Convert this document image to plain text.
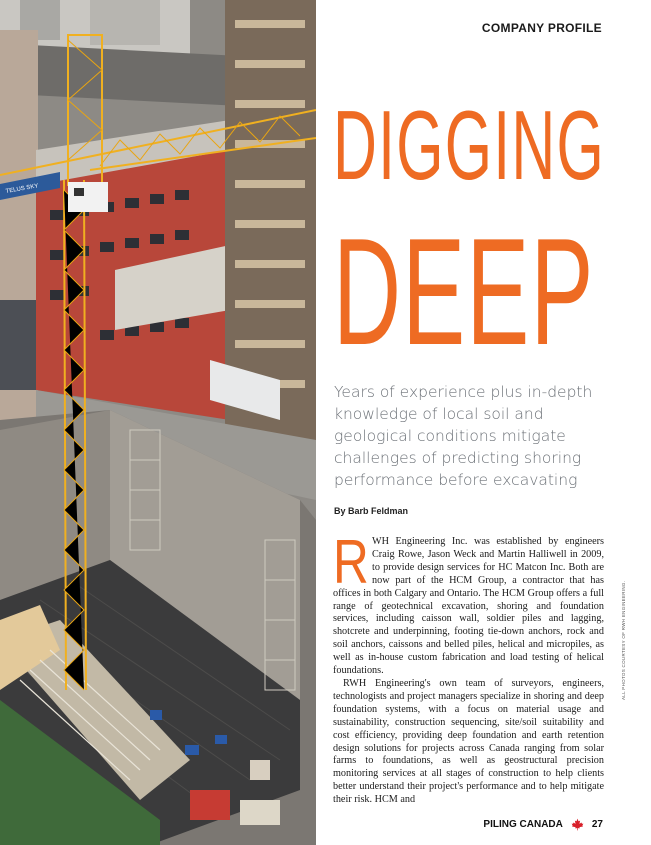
TELUS SKY
COMPANY PROFILE
DIGGING
DEEP
Years of experience plus in-depth knowledge of local soil and geological conditions mitigate challenges of predicting shoring performance before excavating
By Barb Feldman

RWH Engineering Inc. was established by engineers Craig Rowe, Jason Weck and Martin Halliwell in 2009, to provide design services for HC Matcon Inc. Both are now part of the HCM Group, a contractor that has offices in both Calgary and Ontario. The HCM Group offers a full range of geotechnical excavation, shoring and foundation services, including caisson wall, soldier piles and lagging, shotcrete and underpinning, footing tie-down anchors, rock and soil anchors, caissons and belled piles, helical and micropiles, as well as in-house custom fabrication and load testing of helical foundations.

RWH Engineering's own team of surveyors, engineers, technologists and project managers specialize in shoring and deep foundation systems, with a focus on material usage and sustainability, construction sequencing, site/soil suitability and cost efficiency, providing deep foundation and earth retention design solutions for projects across Canada ranging from solar farms to foundations, as well as geostructural precision monitoring services at all stages of construction to help clients better understand their project's performance and to help mitigate their risk. HCM and

ALL PHOTOS COURTESY OF RWH ENGINEERING.
PILING CANADA	27
